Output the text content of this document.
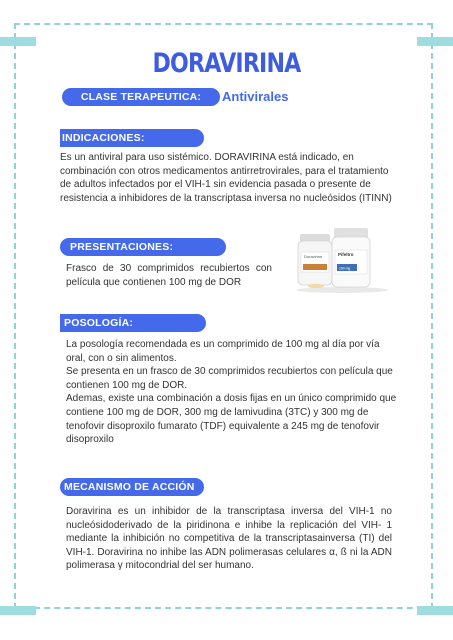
DORAVIRINA
CLASE TERAPEUTICA:	Antivirales
INDICACIONES:
Es un antiviral para uso sistémico. DORAVIRINA está indicado, en combinación con otros medicamentos antirretrovirales, para el tratamiento de adultos infectados por el VIH-1 sin evidencia pasada o presente de resistencia a inhibidores de la transcriptasa inversa no nucleósidos (ITINN)
PRESENTACIONES:
Frasco de 30 comprimidos recubiertos con película que contienen 100 mg de DOR
Doravirine	Pifeltro
100 mg
POSOLOGÍA:

La posología recomendada es un comprimido de 100 mg al día por vía oral, con o sin alimentos.

Se presenta en un frasco de 30 comprimidos recubiertos con película que contienen 100 mg de DOR.

Ademas, existe una combinación a dosis fijas en un único comprimido que contiene 100 mg de DOR, 300 mg de lamivudina (3TC) y 300 mg de tenofovir disoproxilo fumarato (TDF) equivalente a 245 mg de tenofovir disoproxilo

MECANISMO DE ACCIÓN
Doravirina es un inhibidor de la transcriptasa inversa del VIH-1 no nucleósidoderivado de la piridinona e inhibe la replicación del VIH- 1 mediante la inhibición no competitiva de la transcriptasainversa (TI) del VIH-1. Doravirina no inhibe las ADN polimerasas celulares α, ß ni la ADN polimerasa γ mitocondrial del ser humano.
